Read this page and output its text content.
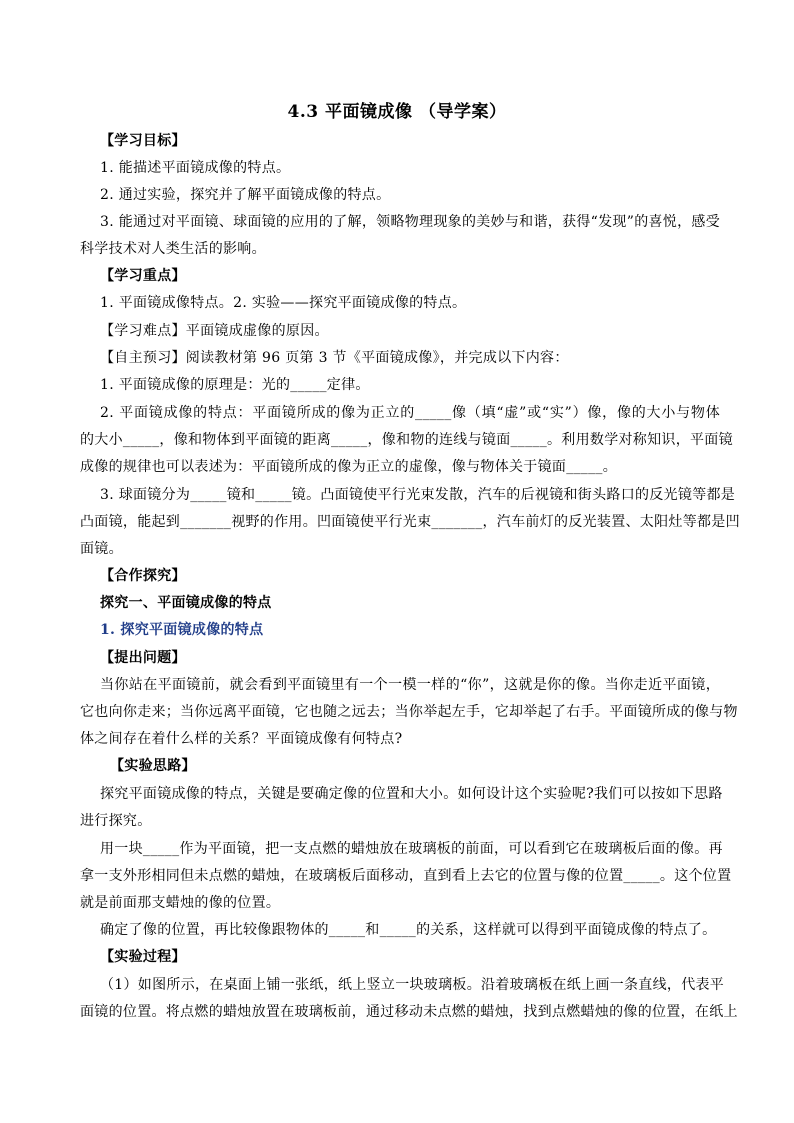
4.3 平面镜成像 （导学案）
【学习目标】
1. 能描述平面镜成像的特点。
2. 通过实验，探究并了解平面镜成像的特点。
3. 能通过对平面镜、球面镜的应用的了解，领略物理现象的美妙与和谐，获得“发现”的喜悦，感受
科学技术对人类生活的影响。
【学习重点】
1. 平面镜成像特点。2. 实验——探究平面镜成像的特点。
【学习难点】平面镜成虚像的原因。
【自主预习】阅读教材第 96 页第 3 节《平面镜成像》，并完成以下内容：
1. 平面镜成像的原理是：光的_____定律。
2. 平面镜成像的特点：平面镜所成的像为正立的_____像（填“虚”或“实”）像，像的大小与物体
的大小_____，像和物体到平面镜的距离_____，像和物的连线与镜面_____。利用数学对称知识，平面镜
成像的规律也可以表述为：平面镜所成的像为正立的虚像，像与物体关于镜面_____。
3. 球面镜分为_____镜和_____镜。凸面镜使平行光束发散，汽车的后视镜和街头路口的反光镜等都是
凸面镜，能起到_______视野的作用。凹面镜使平行光束_______，汽车前灯的反光装置、太阳灶等都是凹
面镜。
【合作探究】
探究一、平面镜成像的特点
1. 探究平面镜成像的特点
【提出问题】
当你站在平面镜前，就会看到平面镜里有一个一模一样的“你”，这就是你的像。当你走近平面镜，
它也向你走来；当你远离平面镜，它也随之远去；当你举起左手，它却举起了右手。平面镜所成的像与物
体之间存在着什么样的关系？平面镜成像有何特点?
【实验思路】
探究平面镜成像的特点，关键是要确定像的位置和大小。如何设计这个实验呢?我们可以按如下思路
进行探究。
用一块_____作为平面镜，把一支点燃的蜡烛放在玻璃板的前面，可以看到它在玻璃板后面的像。再
拿一支外形相同但未点燃的蜡烛，在玻璃板后面移动，直到看上去它的位置与像的位置_____。这个位置
就是前面那支蜡烛的像的位置。
确定了像的位置，再比较像跟物体的_____和_____的关系，这样就可以得到平面镜成像的特点了。
【实验过程】
（1）如图所示，在桌面上铺一张纸，纸上竖立一块玻璃板。沿着玻璃板在纸上画一条直线，代表平
面镜的位置。将点燃的蜡烛放置在玻璃板前，通过移动未点燃的蜡烛，找到点燃蜡烛的像的位置，在纸上
